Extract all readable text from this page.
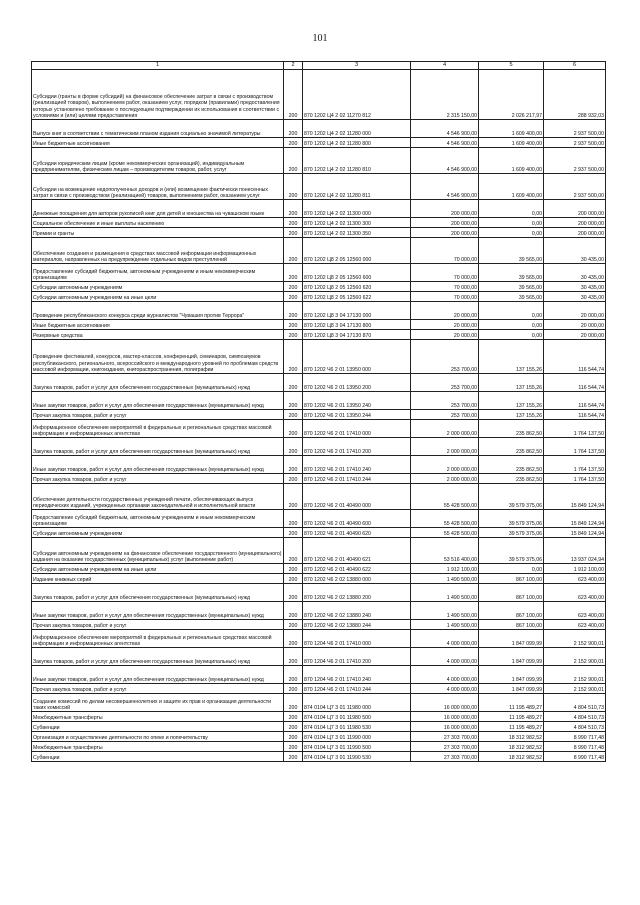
101
1	2	3	4	5	6
Субсидии (гранты в форме субсидий) на финансовое обеспечение затрат в связи с производством (реализацией товаров), выполнением работ, оказанием услуг, порядком (правилами) предоставления которых установлено требование о последующем подтверждении их использования в соответствии с условиями и (или) целями предоставления	200	870 1202 Ц4 2 02 11270 812	2 315 150,00	2 026 217,97	288 932,03
Выпуск книг в соответствии с тематическим планом издания социально значимой литературы	200	870 1202 Ц4 2 02 11280 000	4 546 900,00	1 609 400,00	2 937 500,00
Иные бюджетные ассигнования	200	870 1202 Ц4 2 02 11280 800	4 546 900,00	1 609 400,00	2 937 500,00
Субсидии юридическим лицам (кроме некоммерческих организаций), индивидуальным предпринимателям, физическим лицам – производителям товаров, работ, услуг	200	870 1202 Ц4 2 02 11280 810	4 546 900,00	1 609 400,00	2 937 500,00
Субсидии на возмещение недополученных доходов и (или) возмещение фактически понесенных затрат в связи с производством (реализацией) товаров, выполнением работ, оказанием услуг	200	870 1202 Ц4 2 02 11280 811	4 546 900,00	1 609 400,00	2 937 500,00
Денежные поощрения для авторов рукописей книг для детей и юношества на чувашском языке	200	870 1202 Ц4 2 02 11300 000	200 000,00	0,00	200 000,00
Социальное обеспечение и иные выплаты населению	200	870 1202 Ц4 2 02 11300 300	200 000,00	0,00	200 000,00
Премии и гранты	200	870 1202 Ц4 2 02 11300 350	200 000,00	0,00	200 000,00
Обеспечение создания и размещения в средствах массовой информации информационных материалов, направленных на предупреждение отдельных видов преступлений	200	870 1202 Ц8 2 05 12560 000	70 000,00	39 565,00	30 435,00
Предоставление субсидий бюджетным, автономным учреждениям и иным некоммерческим организациям	200	870 1202 Ц8 2 05 12560 600	70 000,00	39 565,00	30 435,00
Субсидии автономным учреждениям	200	870 1202 Ц8 2 05 12560 620	70 000,00	39 565,00	30 435,00
Субсидии автономным учреждениям на иные цели	200	870 1202 Ц8 2 05 12560 622	70 000,00	39 565,00	30 435,00
Проведение республиканского конкурса среди журналистов "Чувашия против Террора"	200	870 1202 Ц8 3 04 17130 000	20 000,00	0,00	20 000,00
Иные бюджетные ассигнования	200	870 1202 Ц8 3 04 17130 800	20 000,00	0,00	20 000,00
Резервные средства	200	870 1202 Ц8 3 04 17130 870	20 000,00	0,00	20 000,00
Проведение фестивалей, конкурсов, мастер-классов, конференций, семинаров, симпозиумов республиканского, регионального, всероссийского и международного уровней по проблемам средств массовой информации, книгоиздания, книгораспространения, полиграфии	200	870 1202 Ч6 2 01 13950 000	253 700,00	137 155,26	116 544,74
Закупка товаров, работ и услуг для обеспечения государственных (муниципальных) нужд	200	870 1202 Ч6 2 01 13950 200	253 700,00	137 155,26	116 544,74
Иные закупки товаров, работ и услуг для обеспечения государственных (муниципальных) нужд	200	870 1202 Ч6 2 01 13950 240	253 700,00	137 155,26	116 544,74
Прочая закупка товаров, работ и услуг	200	870 1202 Ч6 2 01 13950 244	253 700,00	137 155,26	116 544,74
Информационное обеспечение мероприятий в федеральных и региональных средствах массовой информации и информационных агентствах	200	870 1202 Ч6 2 01 17410 000	2 000 000,00	235 862,50	1 764 137,50
Закупка товаров, работ и услуг для обеспечения государственных (муниципальных) нужд	200	870 1202 Ч6 2 01 17410 200	2 000 000,00	235 862,50	1 764 137,50
Иные закупки товаров, работ и услуг для обеспечения государственных (муниципальных) нужд	200	870 1202 Ч6 2 01 17410 240	2 000 000,00	235 862,50	1 764 137,50
Прочая закупка товаров, работ и услуг	200	870 1202 Ч6 2 01 17410 244	2 000 000,00	235 862,50	1 764 137,50
Обеспечение деятельности государственных учреждений печати, обеспечивающих выпуск периодических изданий, учрежденных органами законодательной и исполнительной власти	200	870 1202 Ч6 2 01 40490 000	55 428 500,00	39 579 375,06	15 849 124,94
Предоставление субсидий бюджетным, автономным учреждениям и иным некоммерческим организациям	200	870 1202 Ч6 2 01 40490 600	55 428 500,00	39 579 375,06	15 849 124,94
Субсидии автономным учреждениям	200	870 1202 Ч6 2 01 40490 620	55 428 500,00	39 579 375,06	15 849 124,94
Субсидии автономным учреждениям на финансовое обеспечение государственного (муниципального) задания на оказание государственных (муниципальных) услуг (выполнение работ)	200	870 1202 Ч6 2 01 40490 621	53 516 400,00	39 579 375,06	13 937 024,94
Субсидии автономным учреждениям на иные цели	200	870 1202 Ч6 2 01 40490 622	1 912 100,00	0,00	1 912 100,00
Издание книжных серий	200	870 1202 Ч6 2 02 13880 000	1 490 500,00	867 100,00	623 400,00
Закупка товаров, работ и услуг для обеспечения государственных (муниципальных) нужд	200	870 1202 Ч6 2 02 13880 200	1 490 500,00	867 100,00	623 400,00
Иные закупки товаров, работ и услуг для обеспечения государственных (муниципальных) нужд	200	870 1202 Ч6 2 02 13880 240	1 490 500,00	867 100,00	623 400,00
Прочая закупка товаров, работ и услуг	200	870 1202 Ч6 2 02 13880 244	1 490 500,00	867 100,00	623 400,00
Информационное обеспечение мероприятий в федеральных и региональных средствах массовой информации и информационных агентствах	200	870 1204 Ч6 2 01 17410 000	4 000 000,00	1 847 099,99	2 152 900,01
Закупка товаров, работ и услуг для обеспечения государственных (муниципальных) нужд	200	870 1204 Ч6 2 01 17410 200	4 000 000,00	1 847 099,99	2 152 900,01
Иные закупки товаров, работ и услуг для обеспечения государственных (муниципальных) нужд	200	870 1204 Ч6 2 01 17410 240	4 000 000,00	1 847 099,99	2 152 900,01
Прочая закупка товаров, работ и услуг	200	870 1204 Ч6 2 01 17410 244	4 000 000,00	1 847 099,99	2 152 900,01
Создание комиссий по делам несовершеннолетних и защите их прав и организация деятельности таких комиссий	200	874 0104 Ц7 3 01 11980 000	16 000 000,00	11 195 489,27	4 804 510,73
Межбюджетные трансферты	200	874 0104 Ц7 3 01 11980 500	16 000 000,00	11 195 489,27	4 804 510,73
Субвенции	200	874 0104 Ц7 3 01 11980 530	16 000 000,00	11 195 489,27	4 804 510,73
Организация и осуществление деятельности по опеке и попечительству	200	874 0104 Ц7 3 01 11990 000	27 303 700,00	18 312 982,52	8 990 717,48
Межбюджетные трансферты	200	874 0104 Ц7 3 01 11990 500	27 303 700,00	18 312 982,52	8 990 717,48
Субвенции	200	874 0104 Ц7 3 01 11990 530	27 303 700,00	18 312 982,52	8 990 717,48
